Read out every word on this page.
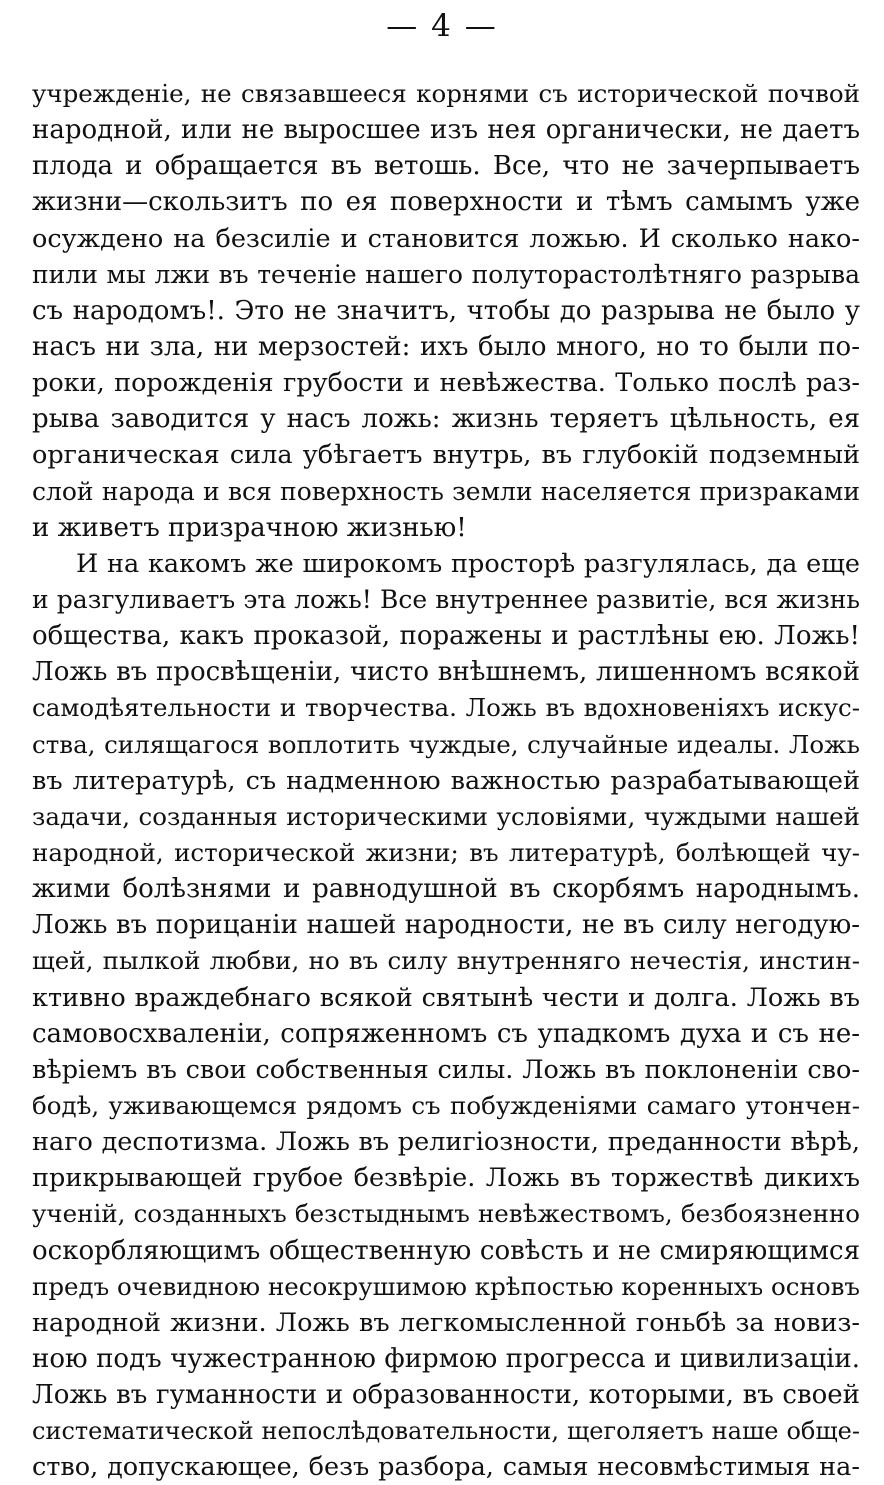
— 4 —
учрежденіе, не связавшееся корнями съ исторической почвой
народной, или не выросшее изъ нея органически, не даетъ
плода и обращается въ ветошь. Все, что не зачерпываетъ
жизни—скользитъ по ея поверхности и тѣмъ самымъ уже
осуждено на безсиліе и становится ложью. И сколько нако-
пили мы лжи въ теченіе нашего полуторастолѣтняго разрыва
съ народомъ!. Это не значитъ, чтобы до разрыва не было у
насъ ни зла, ни мерзостей: ихъ было много, но то были по-
роки, порожденія грубости и невѣжества. Только послѣ раз-
рыва заводится у насъ ложь: жизнь теряетъ цѣльность, ея
органическая сила убѣгаетъ внутрь, въ глубокій подземный
слой народа и вся поверхность земли населяется призраками
и живетъ призрачною жизнью!
И на какомъ же широкомъ просторѣ разгулялась, да еще
и разгуливаетъ эта ложь! Все внутреннее развитіе, вся жизнь
общества, какъ проказой, поражены и растлѣны ею. Ложь!
Ложь въ просвѣщеніи, чисто внѣшнемъ, лишенномъ всякой
самодѣятельности и творчества. Ложь въ вдохновеніяхъ искус-
ства, силящагося воплотить чуждые, случайные идеалы. Ложь
въ литературѣ, съ надменною важностью разрабатывающей
задачи, созданныя историческими условіями, чуждыми нашей
народной, исторической жизни; въ литературѣ, болѣющей чу-
жими болѣзнями и равнодушной въ скорбямъ народнымъ.
Ложь въ порицаніи нашей народности, не въ силу негодую-
щей, пылкой любви, но въ силу внутренняго нечестія, инстин-
ктивно враждебнаго всякой святынѣ чести и долга. Ложь въ
самовосхваленіи, сопряженномъ съ упадкомъ духа и съ не-
вѣріемъ въ свои собственныя силы. Ложь въ поклоненіи сво-
бодѣ, уживающемся рядомъ съ побужденіями самаго утончен-
наго деспотизма. Ложь въ религіозности, преданности вѣрѣ,
прикрывающей грубое безвѣріе. Ложь въ торжествѣ дикихъ
ученій, созданныхъ безстыднымъ невѣжествомъ, безбоязненно
оскорбляющимъ общественную совѣсть и не смиряющимся
предъ очевидною несокрушимою крѣпостью коренныхъ основъ
народной жизни. Ложь въ легкомысленной гоньбѣ за новиз-
ною подъ чужестранною фирмою прогресса и цивилизаціи.
Ложь въ гуманности и образованности, которыми, въ своей
систематической непослѣдовательности, щеголяетъ наше обще-
ство, допускающее, безъ разбора, самыя несовмѣстимыя на-
